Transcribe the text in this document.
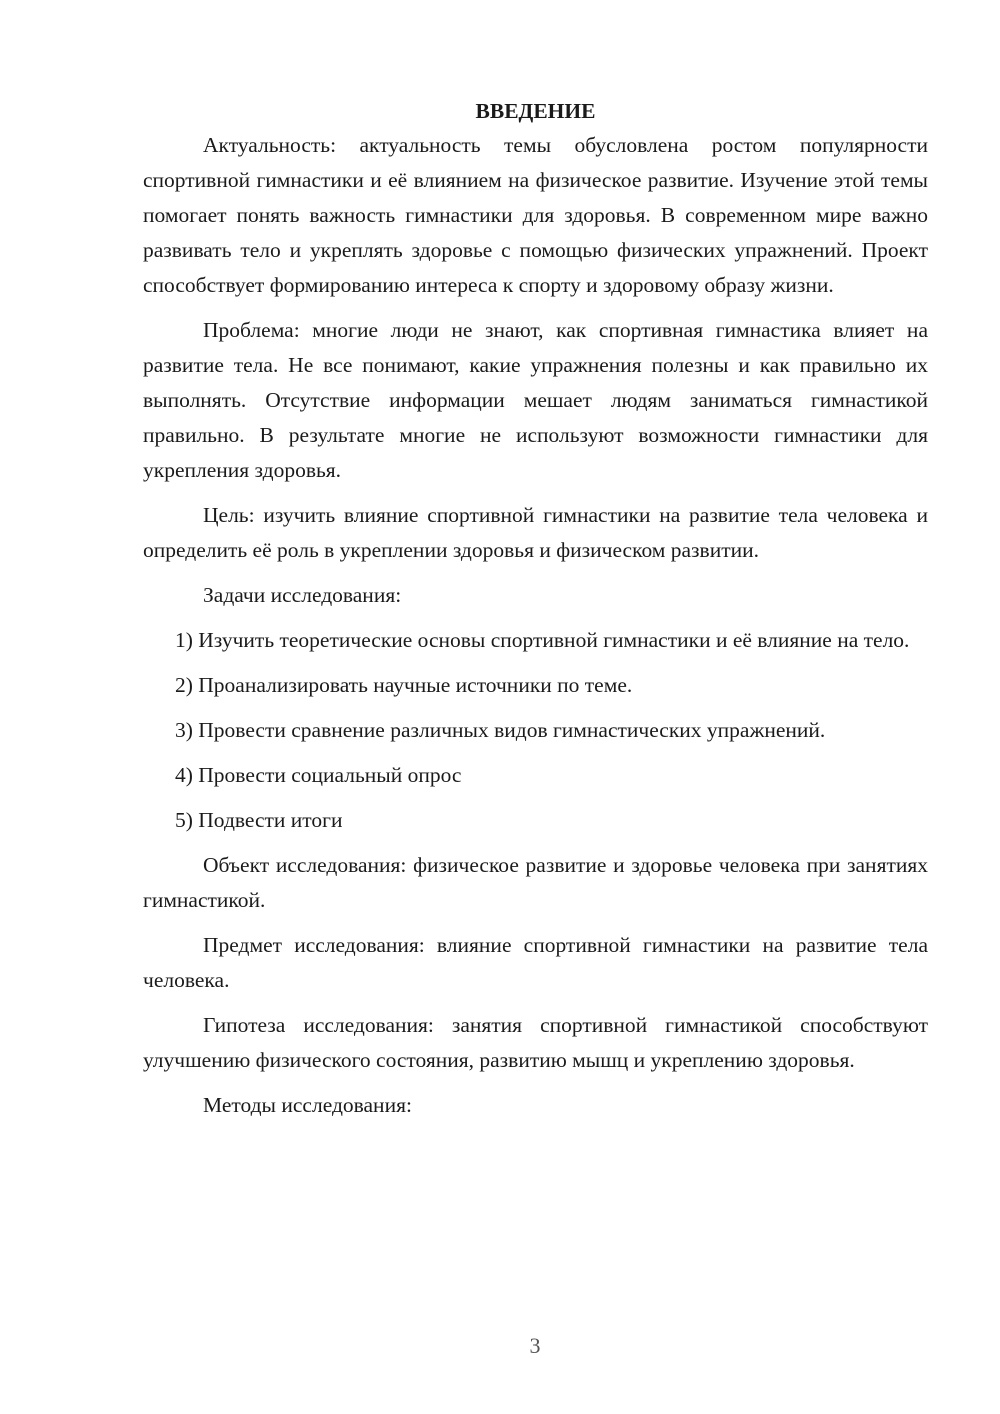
ВВЕДЕНИЕ

Актуальность: актуальность темы обусловлена ростом популярности спортивной гимнастики и её влиянием на физическое развитие. Изучение этой темы помогает понять важность гимнастики для здоровья. В современном мире важно развивать тело и укреплять здоровье с помощью физических упражнений. Проект способствует формированию интереса к спорту и здоровому образу жизни.

Проблема: многие люди не знают, как спортивная гимнастика влияет на развитие тела. Не все понимают, какие упражнения полезны и как правильно их выполнять. Отсутствие информации мешает людям заниматься гимнастикой правильно. В результате многие не используют возможности гимнастики для укрепления здоровья.

Цель: изучить влияние спортивной гимнастики на развитие тела человека и определить её роль в укреплении здоровья и физическом развитии.

Задачи исследования:

1) Изучить теоретические основы спортивной гимнастики и её влияние на тело.

2) Проанализировать научные источники по теме.

3) Провести сравнение различных видов гимнастических упражнений.

4) Провести социальный опрос

5) Подвести итоги

Объект исследования: физическое развитие и здоровье человека при занятиях гимнастикой.

Предмет исследования: влияние спортивной гимнастики на развитие тела человека.

Гипотеза исследования: занятия спортивной гимнастикой способствуют улучшению физического состояния, развитию мышц и укреплению здоровья.

Методы исследования:

3
